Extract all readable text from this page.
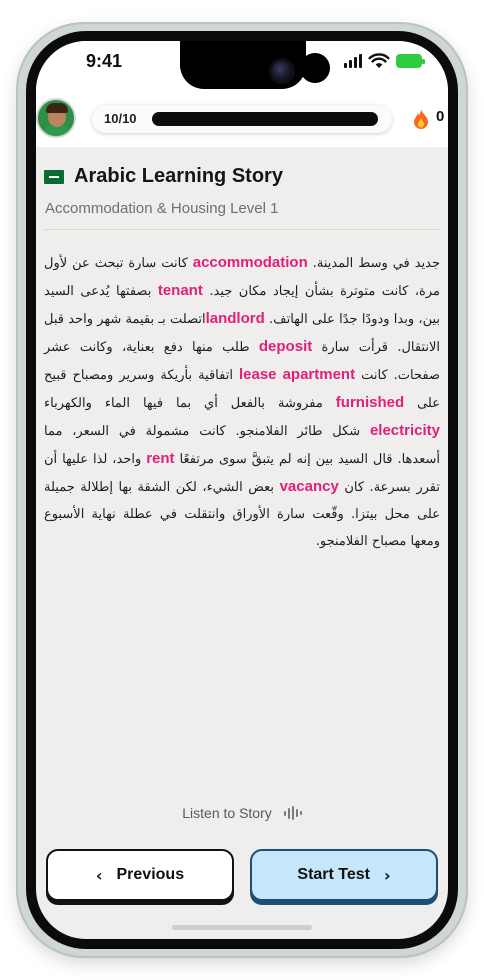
9:41
10/10	0
Arabic Learning Story
Accommodation & Housing Level 1
جديد في وسط المدينة. accommodation كانت سارة تبحث عن لأول مرة، كانت متوترة بشأن إيجاد مكان جيد. tenant بصفتها يُدعى السيد بين، وبدا ودودًا جدًا على الهاتف. landlordاتصلت بـ بقيمة شهر واحد قبل الانتقال. قرأت سارة deposit طلب منها دفع بعناية، وكانت عشر صفحات. كانت apartment lease اتفاقية بأريكة وسرير ومصباح قبيح على furnished مفروشة بالفعل أي بما فيها الماء والكهرباء electricity شكل طائر الفلامنجو. كانت مشمولة في السعر، مما أسعدها. قال السيد بين إنه لم يتبقَّ سوى مرتفعًا rent واحد، لذا عليها أن تقرر بسرعة. كان vacancy بعض الشيء، لكن الشقة بها إطلالة جميلة على محل بيتزا. وقّعت سارة الأوراق وانتقلت في عطلة نهاية الأسبوع ومعها مصباح الفلامنجو.
Listen to Story
‹ Previous	Start Test ›
